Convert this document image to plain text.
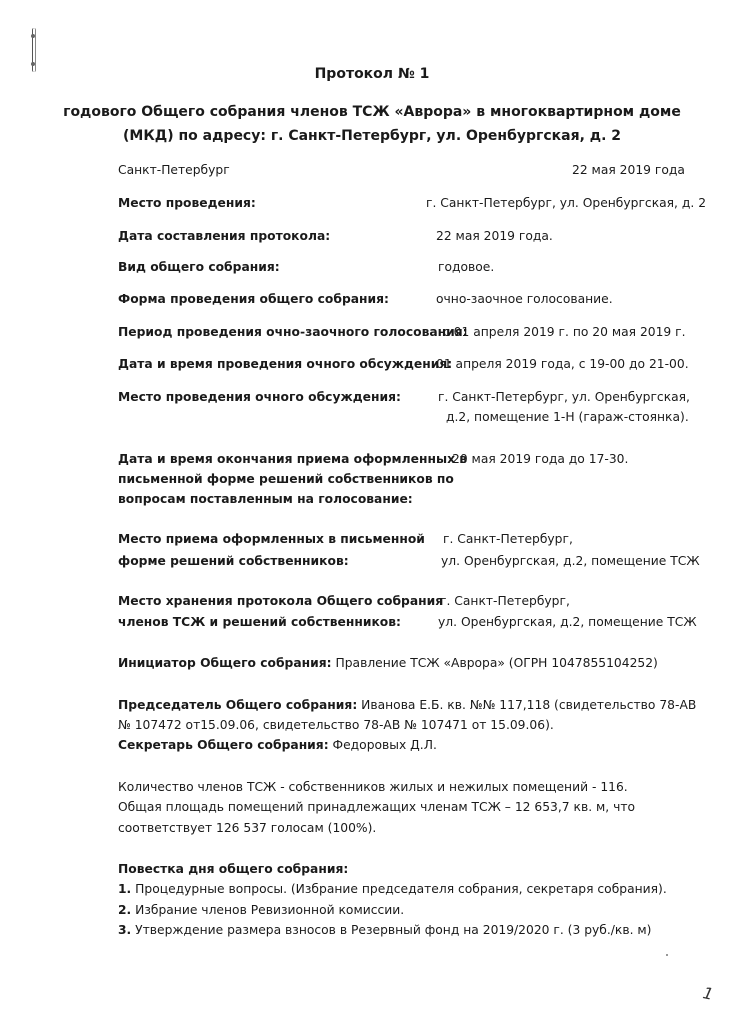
Протокол № 1
годового Общего собрания членов ТСЖ «Аврора» в многоквартирном доме
(МКД) по адресу: г. Санкт-Петербург, ул. Оренбургская, д. 2
Санкт-Петербург	22 мая 2019 года
Место проведения:	г. Санкт-Петербург, ул. Оренбургская, д. 2
Дата составления протокола:	22 мая 2019 года.
Вид общего собрания:	годовое.
Форма проведения общего собрания:	очно-заочное голосование.
Период проведения очно-заочного голосования:
с 01 апреля 2019 г. по 20 мая 2019 г.
Дата и время проведения очного обсуждения:
01 апреля 2019 года, с 19-00 до 21-00.
Место проведения очного обсуждения:	г. Санкт-Петербург, ул. Оренбургская,
д.2, помещение 1-Н (гараж-стоянка).
Дата и время окончания приема оформленных в
письменной форме решений собственников по
вопросам поставленным на голосование:
20 мая 2019 года до 17-30.
Место приема оформленных в письменной
форме решений собственников:
г. Санкт-Петербург,
ул. Оренбургская, д.2, помещение ТСЖ
Место хранения протокола Общего собрания
членов ТСЖ и решений собственников:
г. Санкт-Петербург,
ул. Оренбургская, д.2, помещение ТСЖ
Инициатор Общего собрания: Правление ТСЖ «Аврора» (ОГРН 1047855104252)
Председатель Общего собрания: Иванова Е.Б. кв. №№ 117,118 (свидетельство 78-АВ
№ 107472 от15.09.06, свидетельство 78-АВ № 107471 от 15.09.06).
Секретарь Общего собрания: Федоровых Д.Л.
Количество членов ТСЖ - собственников жилых и нежилых помещений - 116.
Общая площадь помещений принадлежащих членам ТСЖ – 12 653,7 кв. м, что
соответствует 126 537 голосам (100%).
Повестка дня общего собрания:
1. Процедурные вопросы. (Избрание председателя собрания, секретаря собрания).
2. Избрание членов Ревизионной комиссии.
3. Утверждение размера взносов в Резервный фонд на 2019/2020 г. (3 руб./кв. м)
1
